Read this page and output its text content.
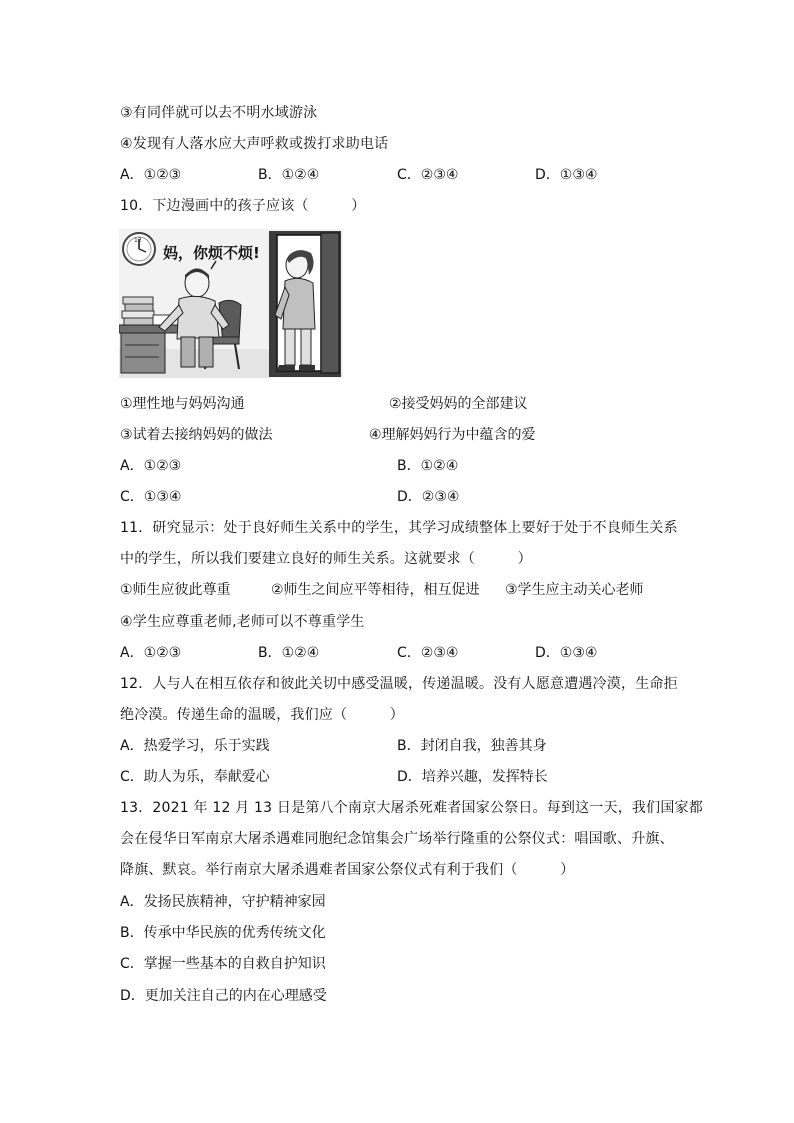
③有同伴就可以去不明水域游泳
④发现有人落水应大声呼救或拨打求助电话
A．①②③	B．①②④	C．②③④	D．①③④
10．下边漫画中的孩子应该（　　　）
12
妈，你烦不烦!
①理性地与妈妈沟通	②接受妈妈的全部建议
③试着去接纳妈妈的做法	④理解妈妈行为中蕴含的爱
A．①②③	B．①②④
C．①③④	D．②③④
11．研究显示：处于良好师生关系中的学生，其学习成绩整体上要好于处于不良师生关系
中的学生，所以我们要建立良好的师生关系。这就要求（　　　）
①师生应彼此尊重	②师生之间应平等相待，相互促进 ③学生应主动关心老师
④学生应尊重老师,老师可以不尊重学生
A．①②③	B．①②④	C．②③④	D．①③④
12．人与人在相互依存和彼此关切中感受温暖，传递温暖。没有人愿意遭遇冷漠，生命拒
绝冷漠。传递生命的温暖，我们应（　　　）
A．热爱学习，乐于实践	B．封闭自我，独善其身
C．助人为乐，奉献爱心	D．培养兴趣，发挥特长
13．2021 年 12 月 13 日是第八个南京大屠杀死难者国家公祭日。每到这一天，我们国家都
会在侵华日军南京大屠杀遇难同胞纪念馆集会广场举行隆重的公祭仪式：唱国歌、升旗、
降旗、默哀。举行南京大屠杀遇难者国家公祭仪式有利于我们（　　　）
A．发扬民族精神，守护精神家园
B．传承中华民族的优秀传统文化
C．掌握一些基本的自救自护知识
D．更加关注自己的内在心理感受
